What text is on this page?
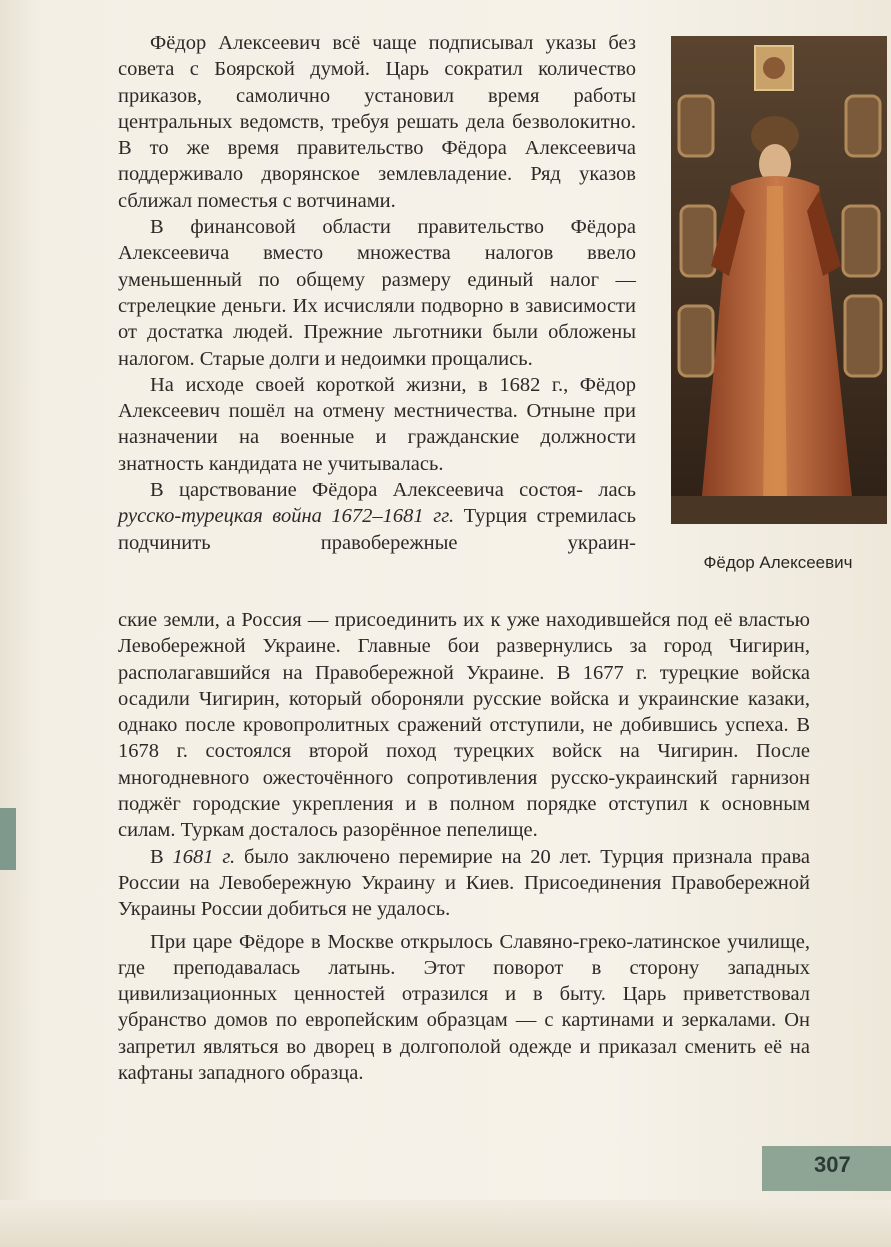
Фёдор Алексеевич всё чаще подписывал указы без совета с Боярской думой. Царь сократил количество приказов, самолично установил время работы центральных ведомств, требуя решать дела безволокитно. В то же время правительство Фёдора Алексеевича поддерживало дворянское землевладение. Ряд указов сближал поместья с вотчинами.

В финансовой области правительство Фёдора Алексеевича вместо множества налогов ввело уменьшенный по общему размеру единый налог — стрелецкие деньги. Их исчисляли подворно в зависимости от достатка людей. Прежние льготники были обложены налогом. Старые долги и недоимки прощались.

На исходе своей короткой жизни, в 1682 г., Фёдор Алексеевич пошёл на отмену местничества. Отныне при назначении на военные и гражданские должности знатность кандидата не учитывалась.

В царствование Фёдора Алексеевича состоя- лась русско-турецкая война 1672–1681 гг. Турция стремилась подчинить правобережные украин-

Фёдор Алексеевич

ские земли, а Россия — присоединить их к уже находившейся под её властью Левобережной Украине. Главные бои развернулись за город Чигирин, располагавшийся на Правобережной Украине. В 1677 г. турецкие войска осадили Чигирин, который обороняли русские войска и украинские казаки, однако после кровопролитных сражений отступили, не добившись успеха. В 1678 г. состоялся второй поход турецких войск на Чигирин. После многодневного ожесточённого сопротивления русско-украинский гарнизон поджёг городские укрепления и в полном порядке отступил к основным силам. Туркам досталось разорённое пепелище.

В 1681 г. было заключено перемирие на 20 лет. Турция признала права России на Левобережную Украину и Киев. Присоединения Правобережной Украины России добиться не удалось.

При царе Фёдоре в Москве открылось Славяно-греко-латинское училище, где преподавалась латынь. Этот поворот в сторону западных цивилизационных ценностей отразился и в быту. Царь приветствовал убранство домов по европейским образцам — с картинами и зеркалами. Он запретил являться во дворец в долгополой одежде и приказал сменить её на кафтаны западного образца.

307
